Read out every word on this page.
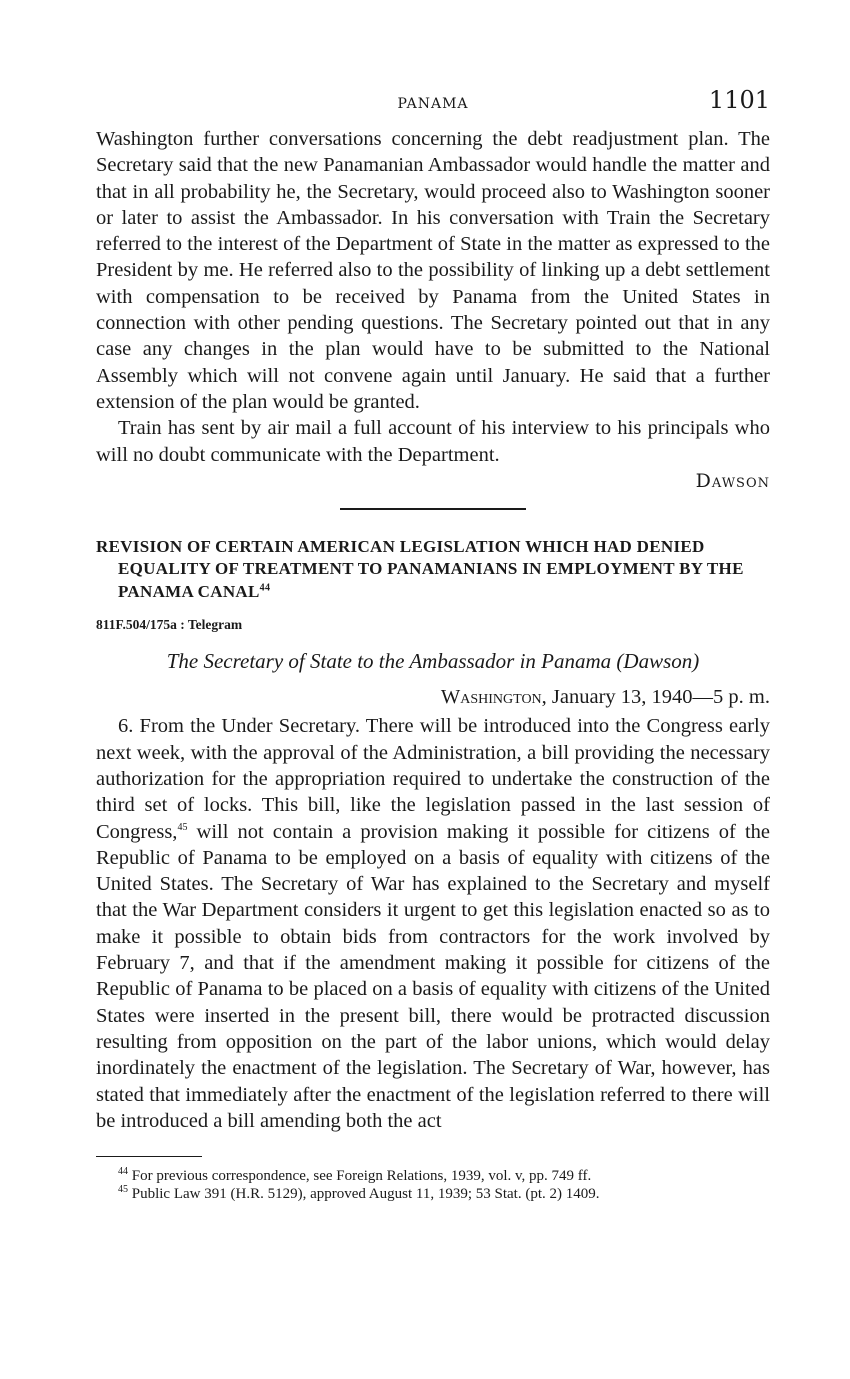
PANAMA	1101

Washington further conversations concerning the debt readjustment plan. The Secretary said that the new Panamanian Ambassador would handle the matter and that in all probability he, the Secretary, would proceed also to Washington sooner or later to assist the Ambassador. In his conversation with Train the Secretary referred to the interest of the Department of State in the matter as expressed to the President by me. He referred also to the possibility of linking up a debt settlement with compensation to be received by Panama from the United States in connection with other pending questions. The Secretary pointed out that in any case any changes in the plan would have to be submitted to the National Assembly which will not convene again until January. He said that a further extension of the plan would be granted.

Train has sent by air mail a full account of his interview to his principals who will no doubt communicate with the Department.

Dawson
REVISION OF CERTAIN AMERICAN LEGISLATION WHICH HAD DENIED EQUALITY OF TREATMENT TO PANAMANIANS IN EMPLOYMENT BY THE PANAMA CANAL$^{44}$
811F.504/175a : Telegram
The Secretary of State to the Ambassador in Panama (Dawson)
Washington, January 13, 1940—5 p. m.

6. From the Under Secretary. There will be introduced into the Congress early next week, with the approval of the Administration, a bill providing the necessary authorization for the appropriation required to undertake the construction of the third set of locks. This bill, like the legislation passed in the last session of Congress,$^{45}$ will not contain a provision making it possible for citizens of the Republic of Panama to be employed on a basis of equality with citizens of the United States. The Secretary of War has explained to the Secretary and myself that the War Department considers it urgent to get this legislation enacted so as to make it possible to obtain bids from contractors for the work involved by February 7, and that if the amendment making it possible for citizens of the Republic of Panama to be placed on a basis of equality with citizens of the United States were inserted in the present bill, there would be protracted discussion resulting from opposition on the part of the labor unions, which would delay inordinately the enactment of the legislation. The Secretary of War, however, has stated that immediately after the enactment of the legislation referred to there will be introduced a bill amending both the act

$^{44}$ For previous correspondence, see Foreign Relations, 1939, vol. v, pp. 749 ff.
$^{45}$ Public Law 391 (H.R. 5129), approved August 11, 1939; 53 Stat. (pt. 2) 1409.
